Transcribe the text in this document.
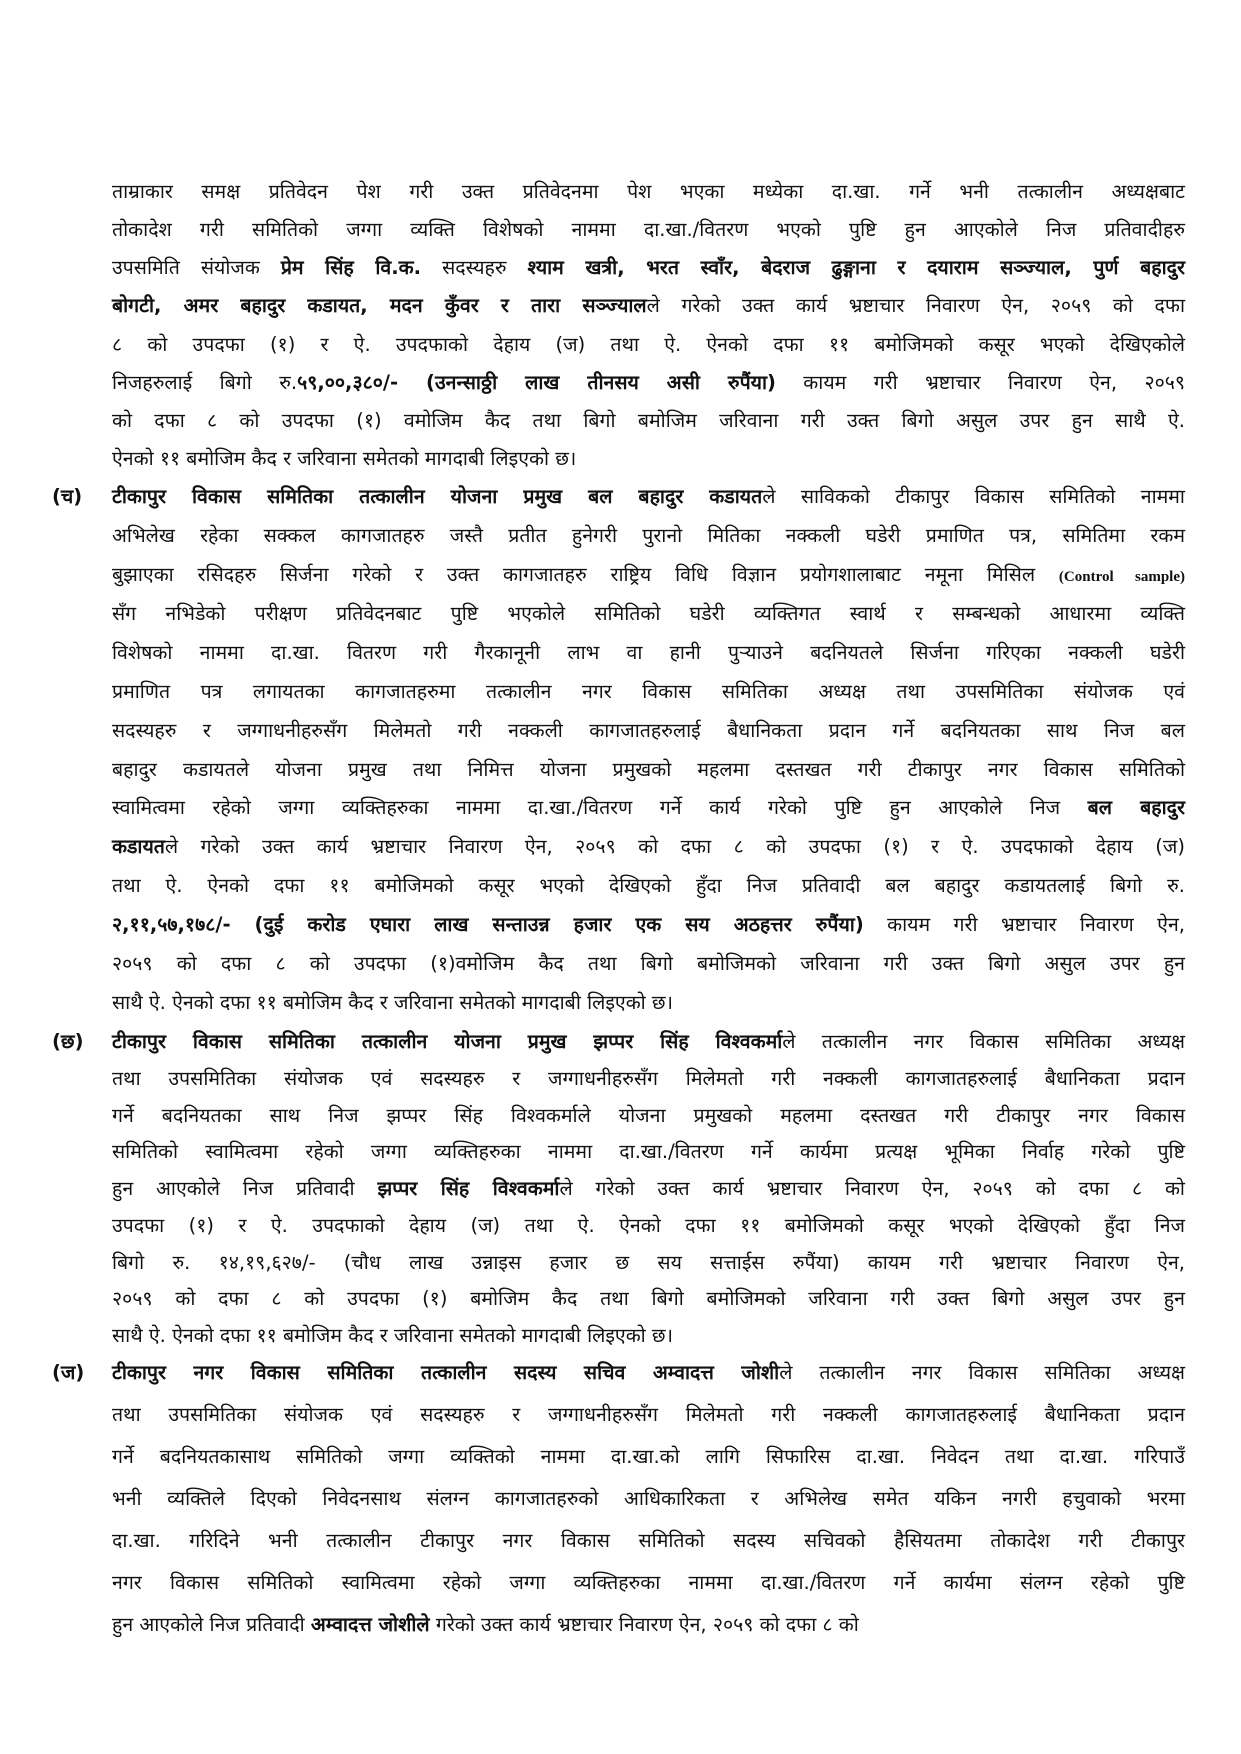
ताम्राकार समक्ष प्रतिवेदन पेश गरी उक्त प्रतिवेदनमा पेश भएका मध्येका दा.खा. गर्ने भनी तत्कालीन अध्यक्षबाट
तोकादेश गरी समितिको जग्गा व्यक्ति विशेषको नाममा दा.खा./वितरण भएको पुष्टि हुन आएकोले निज प्रतिवादीहरु
उपसमिति संयोजक प्रेम सिंह वि.क. सदस्यहरु श्याम खत्री, भरत स्वाँर, बेदराज ढुङ्गाना र दयाराम सञ्ज्याल, पुर्ण बहादुर
बोगटी, अमर बहादुर कडायत, मदन कुँवर र तारा सञ्ज्यालले गरेको उक्त कार्य भ्रष्टाचार निवारण ऐन, २०५९ को दफा
८ को उपदफा (१) र ऐ. उपदफाको देहाय (ज) तथा ऐ. ऐनको दफा ११ बमोजिमको कसूर भएको देखिएकोले
निजहरुलाई बिगो रु.५९,००,३८०/- (उनन्साठ्ठी लाख तीनसय असी रुपैंया) कायम गरी भ्रष्टाचार निवारण ऐन, २०५९
को दफा ८ को उपदफा (१) वमोजिम कैद तथा बिगो बमोजिम जरिवाना गरी उक्त बिगो असुल उपर हुन साथै ऐ.
ऐनको ११ बमोजिम कैद र जरिवाना समेतको मागदाबी लिइएको छ।
(च)	टीकापुर विकास समितिका तत्कालीन योजना प्रमुख बल बहादुर कडायतले साविकको टीकापुर विकास समितिको नाममा
अभिलेख रहेका सक्कल कागजातहरु जस्तै प्रतीत हुनेगरी पुरानो मितिका नक्कली घडेरी प्रमाणित पत्र, समितिमा रकम
बुझाएका रसिदहरु सिर्जना गरेको र उक्त कागजातहरु राष्ट्रिय विधि विज्ञान प्रयोगशालाबाट नमूना मिसिल (Control sample)
सँग नभिडेको परीक्षण प्रतिवेदनबाट पुष्टि भएकोले समितिको घडेरी व्यक्तिगत स्वार्थ र सम्बन्धको आधारमा व्यक्ति
विशेषको नाममा दा.खा. वितरण गरी गैरकानूनी लाभ वा हानी पुर्‍याउने बदनियतले सिर्जना गरिएका नक्कली घडेरी
प्रमाणित पत्र लगायतका कागजातहरुमा तत्कालीन नगर विकास समितिका अध्यक्ष तथा उपसमितिका संयोजक एवं
सदस्यहरु र जग्गाधनीहरुसँग मिलेमतो गरी नक्कली कागजातहरुलाई बैधानिकता प्रदान गर्ने बदनियतका साथ निज बल
बहादुर कडायतले योजना प्रमुख तथा निमित्त योजना प्रमुखको महलमा दस्तखत गरी टीकापुर नगर विकास समितिको
स्वामित्वमा रहेको जग्गा व्यक्तिहरुका नाममा दा.खा./वितरण गर्ने कार्य गरेको पुष्टि हुन आएकोले निज बल बहादुर
कडायतले गरेको उक्त कार्य भ्रष्टाचार निवारण ऐन, २०५९ को दफा ८ को उपदफा (१) र ऐ. उपदफाको देहाय (ज)
तथा ऐ. ऐनको दफा ११ बमोजिमको कसूर भएको देखिएको हुँदा निज प्रतिवादी बल बहादुर कडायतलाई बिगो रु.
२,११,५७,१७८/- (दुई करोड एघारा लाख सन्ताउन्न हजार एक सय अठहत्तर रुपैंया) कायम गरी भ्रष्टाचार निवारण ऐन,
२०५९ को दफा ८ को उपदफा (१)वमोजिम कैद तथा बिगो बमोजिमको जरिवाना गरी उक्त बिगो असुल उपर हुन
साथै ऐ. ऐनको दफा ११ बमोजिम कैद र जरिवाना समेतको मागदाबी लिइएको छ।
(छ)	टीकापुर विकास समितिका तत्कालीन योजना प्रमुख झप्पर सिंह विश्वकर्माले तत्कालीन नगर विकास समितिका अध्यक्ष
तथा उपसमितिका संयोजक एवं सदस्यहरु र जग्गाधनीहरुसँग मिलेमतो गरी नक्कली कागजातहरुलाई बैधानिकता प्रदान
गर्ने बदनियतका साथ निज झप्पर सिंह विश्वकर्माले योजना प्रमुखको महलमा दस्तखत गरी टीकापुर नगर विकास
समितिको स्वामित्वमा रहेको जग्गा व्यक्तिहरुका नाममा दा.खा./वितरण गर्ने कार्यमा प्रत्यक्ष भूमिका निर्वाह गरेको पुष्टि
हुन आएकोले निज प्रतिवादी झप्पर सिंह विश्वकर्माले गरेको उक्त कार्य भ्रष्टाचार निवारण ऐन, २०५९ को दफा ८ को
उपदफा (१) र ऐ. उपदफाको देहाय (ज) तथा ऐ. ऐनको दफा ११ बमोजिमको कसूर भएको देखिएको हुँदा निज
बिगो रु. १४,१९,६२७/- (चौध लाख उन्नाइस हजार छ सय सत्ताईस रुपैंया) कायम गरी भ्रष्टाचार निवारण ऐन,
२०५९ को दफा ८ को उपदफा (१) बमोजिम कैद तथा बिगो बमोजिमको जरिवाना गरी उक्त बिगो असुल उपर हुन
साथै ऐ. ऐनको दफा ११ बमोजिम कैद र जरिवाना समेतको मागदाबी लिइएको छ।
(ज)	टीकापुर नगर विकास समितिका तत्कालीन सदस्य सचिव अम्वादत्त जोशीले तत्कालीन नगर विकास समितिका अध्यक्ष
तथा उपसमितिका संयोजक एवं सदस्यहरु र जग्गाधनीहरुसँग मिलेमतो गरी नक्कली कागजातहरुलाई बैधानिकता प्रदान
गर्ने बदनियतकासाथ समितिको जग्गा व्यक्तिको नाममा दा.खा.को लागि सिफारिस दा.खा. निवेदन तथा दा.खा. गरिपाउँ
भनी व्यक्तिले दिएको निवेदनसाथ संलग्न कागजातहरुको आधिकारिकता र अभिलेख समेत यकिन नगरी हचुवाको भरमा
दा.खा. गरिदिने भनी तत्कालीन टीकापुर नगर विकास समितिको सदस्य सचिवको हैसियतमा तोकादेश गरी टीकापुर
नगर विकास समितिको स्वामित्वमा रहेको जग्गा व्यक्तिहरुका नाममा दा.खा./वितरण गर्ने कार्यमा संलग्न रहेको पुष्टि
हुन आएकोले निज प्रतिवादी अम्वादत्त जोशीले गरेको उक्त कार्य भ्रष्टाचार निवारण ऐन, २०५९ को दफा ८ को
